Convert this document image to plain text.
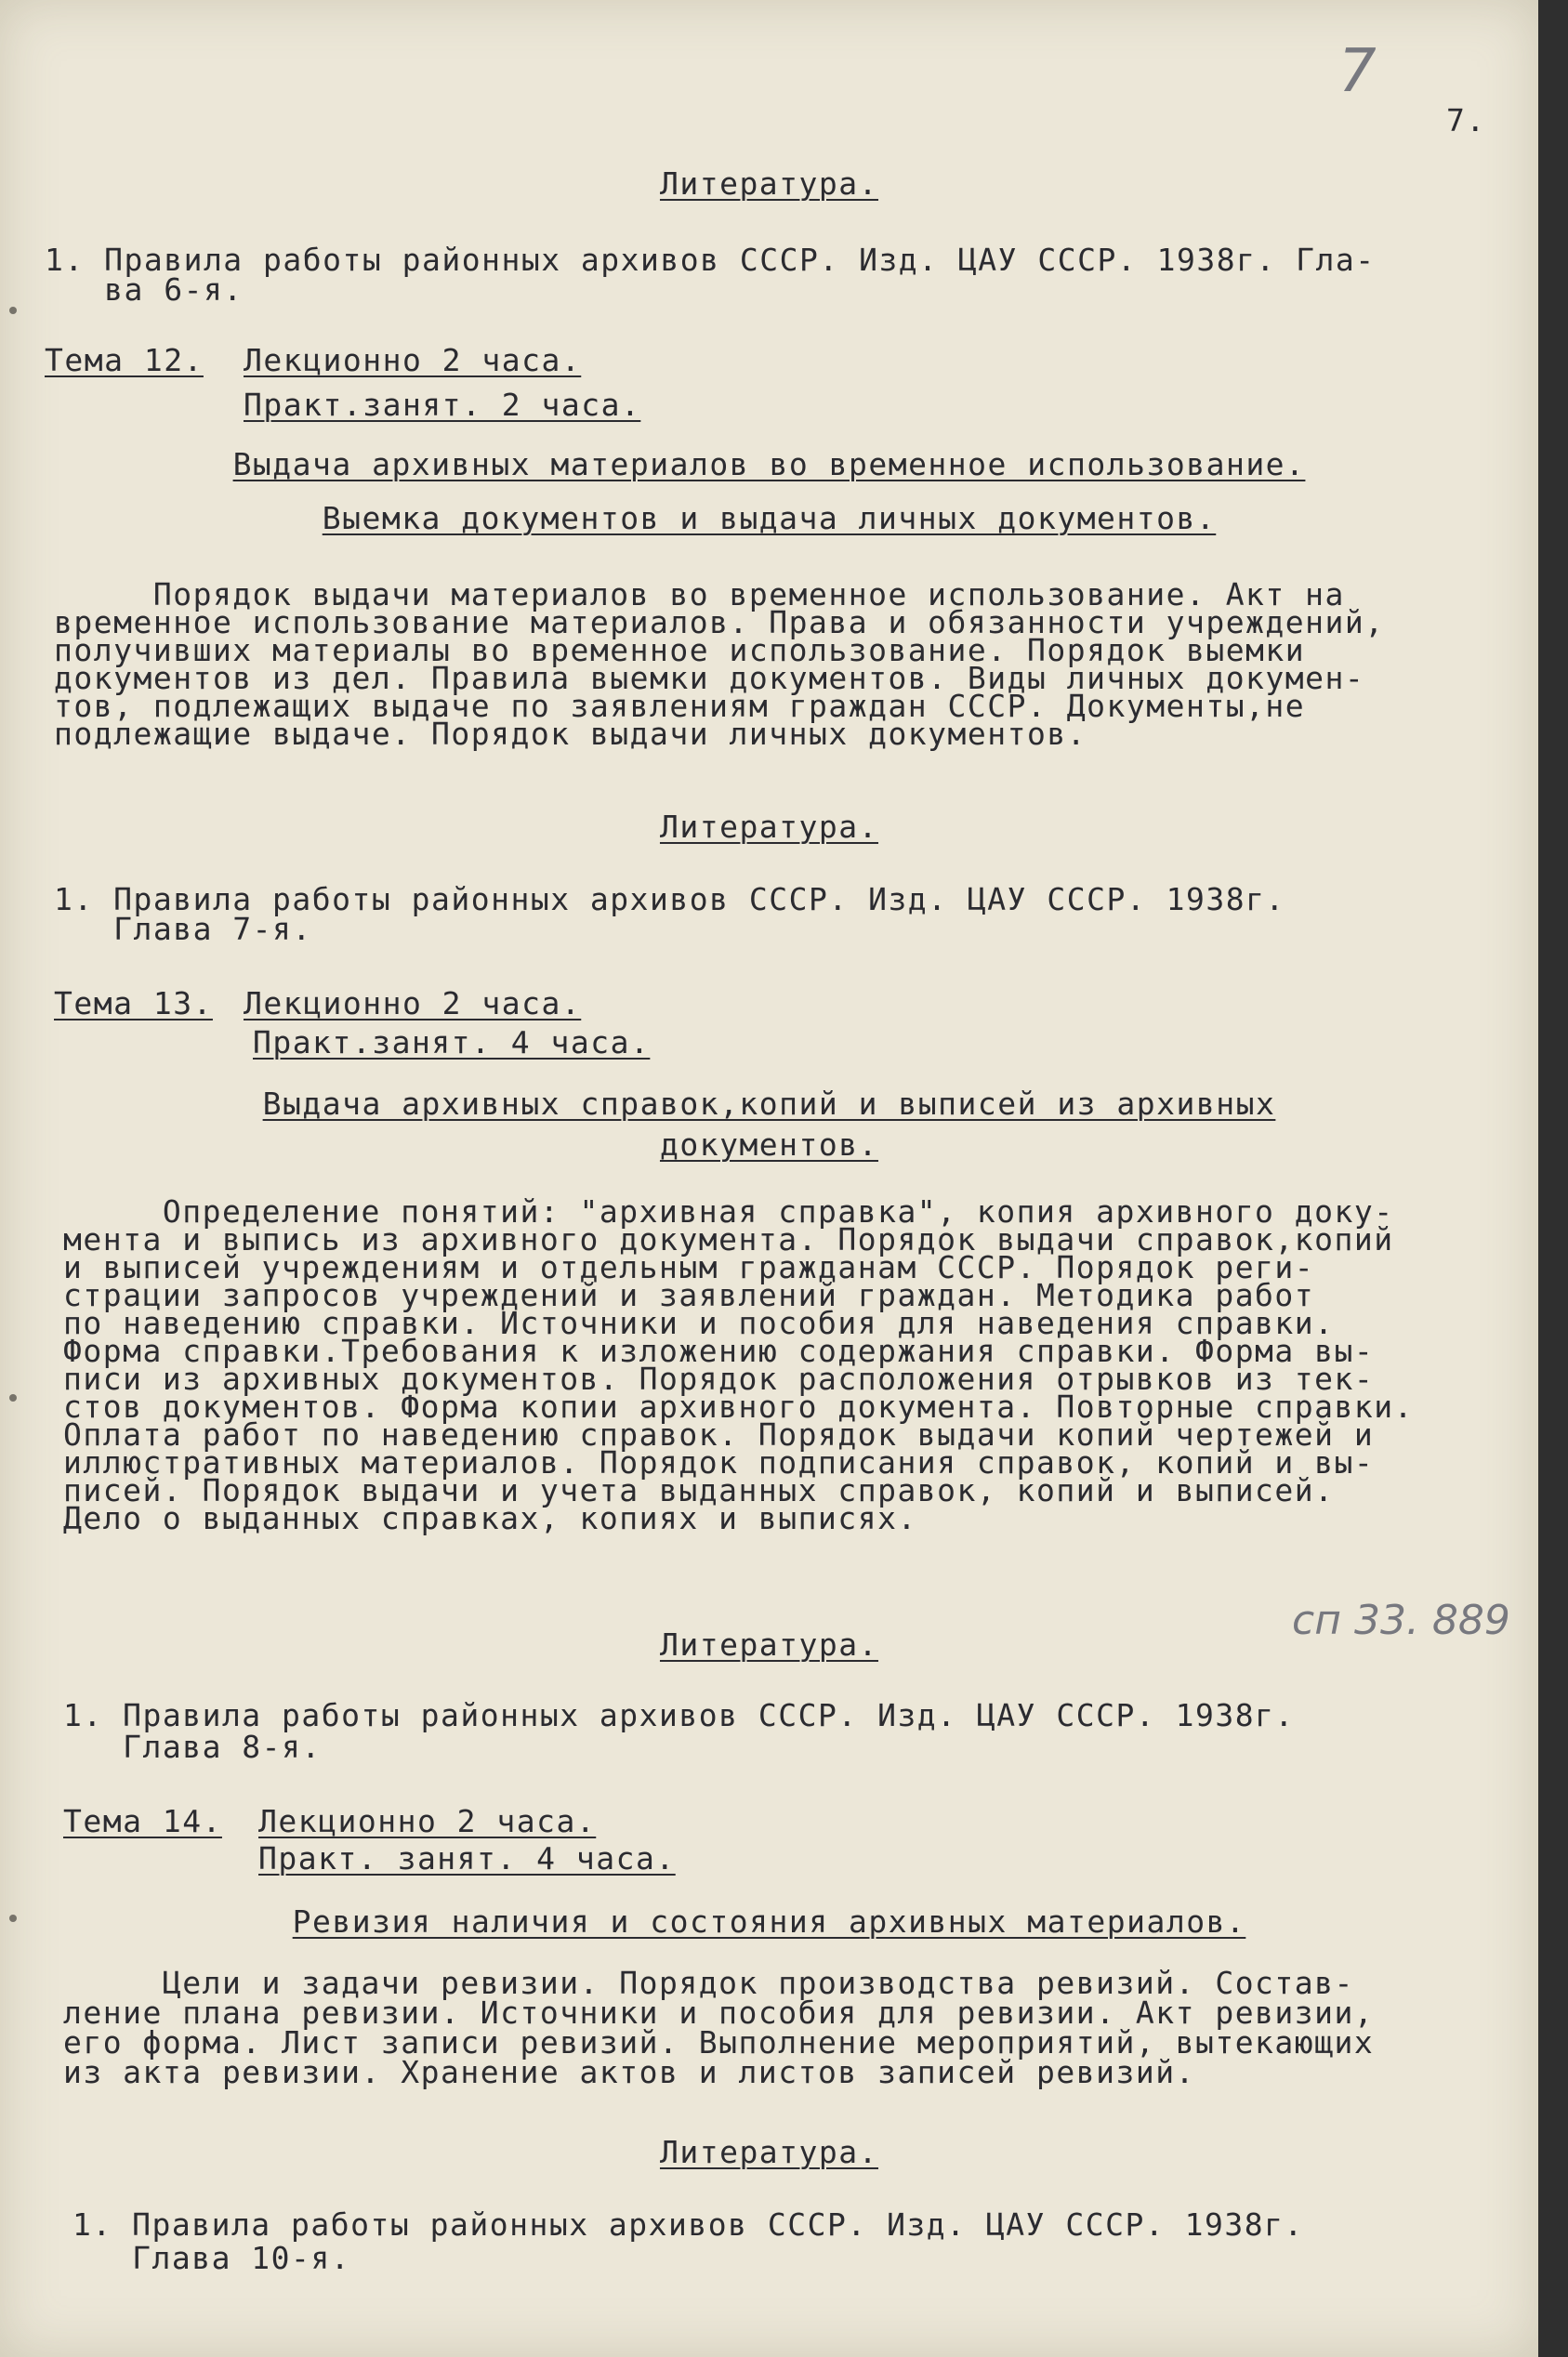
7
7.
Литература.
1. Правила работы районных архивов СССР. Изд. ЦАУ СССР. 1938г. Гла-
ва 6-я.
Тема 12. Лекционно 2 часа.
Практ.занят. 2 часа.
Выдача архивных материалов во временное использование.
Выемка документов и выдача личных документов.
Порядок выдачи материалов во временное использование. Акт на
временное использование материалов. Права и обязанности учреждений,
получивших материалы во временное использование. Порядок выемки
документов из дел. Правила выемки документов. Виды личных докумен-
тов, подлежащих выдаче по заявлениям граждан СССР. Документы,не
подлежащие выдаче. Порядок выдачи личных документов.
Литература.
1. Правила работы районных архивов СССР. Изд. ЦАУ СССР. 1938г.
Глава 7-я.
Тема 13. Лекционно 2 часа.
Практ.занят. 4 часа.
Выдача архивных справок,копий и выписей из архивных
документов.
Определение понятий: "архивная справка", копия архивного доку-
мента и выпись из архивного документа. Порядок выдачи справок,копий
и выписей учреждениям и отдельным гражданам СССР. Порядок реги-
страции запросов учреждений и заявлений граждан. Методика работ
по наведению справки. Источники и пособия для наведения справки.
Форма справки.Требования к изложению содержания справки. Форма вы-
писи из архивных документов. Порядок расположения отрывков из тек-
стов документов. Форма копии архивного документа. Повторные справки.
Оплата работ по наведению справок. Порядок выдачи копий чертежей и
иллюстративных материалов. Порядок подписания справок, копий и вы-
писей. Порядок выдачи и учета выданных справок, копий и выписей.
Дело о выданных справках, копиях и выписях.
сп 33. 889
Литература.
1. Правила работы районных архивов СССР. Изд. ЦАУ СССР. 1938г.
Глава 8-я.
Тема 14. Лекционно 2 часа.
Практ. занят. 4 часа.
Ревизия наличия и состояния архивных материалов.
Цели и задачи ревизии. Порядок производства ревизий. Состав-
ление плана ревизии. Источники и пособия для ревизии. Акт ревизии,
его форма. Лист записи ревизий. Выполнение мероприятий, вытекающих
из акта ревизии. Хранение актов и листов записей ревизий.
Литература.
1. Правила работы районных архивов СССР. Изд. ЦАУ СССР. 1938г.
Глава 10-я.
